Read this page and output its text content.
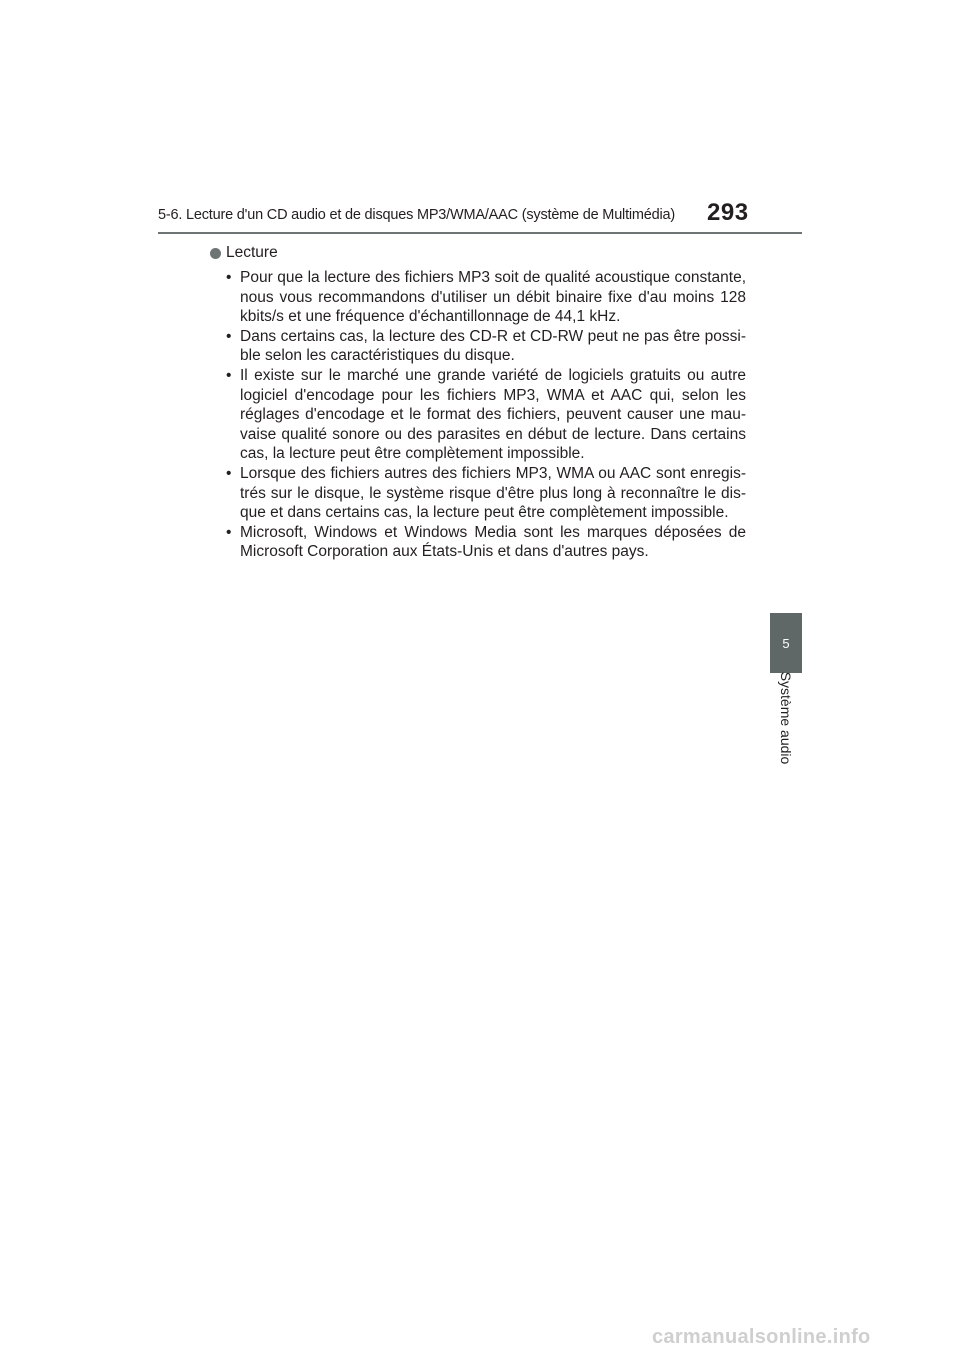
5-6. Lecture d'un CD audio et de disques MP3/WMA/AAC (système de Multimédia) 293
Lecture
• Pour que la lecture des fichiers MP3 soit de qualité acoustique constante, nous vous recommandons d'utiliser un débit binaire fixe d'au moins 128 kbits/s et une fréquence d'échantillonnage de 44,1 kHz.
• Dans certains cas, la lecture des CD-R et CD-RW peut ne pas être possi-ble selon les caractéristiques du disque.
• Il existe sur le marché une grande variété de logiciels gratuits ou autre logiciel d'encodage pour les fichiers MP3, WMA et AAC qui, selon les réglages d'encodage et le format des fichiers, peuvent causer une mau-vaise qualité sonore ou des parasites en début de lecture. Dans certains cas, la lecture peut être complètement impossible.
• Lorsque des fichiers autres des fichiers MP3, WMA ou AAC sont enregis-trés sur le disque, le système risque d'être plus long à reconnaître le dis-que et dans certains cas, la lecture peut être complètement impossible.
• Microsoft, Windows et Windows Media sont les marques déposées de Microsoft Corporation aux États-Unis et dans d'autres pays.
5
Système audio
carmanualsonline.info
